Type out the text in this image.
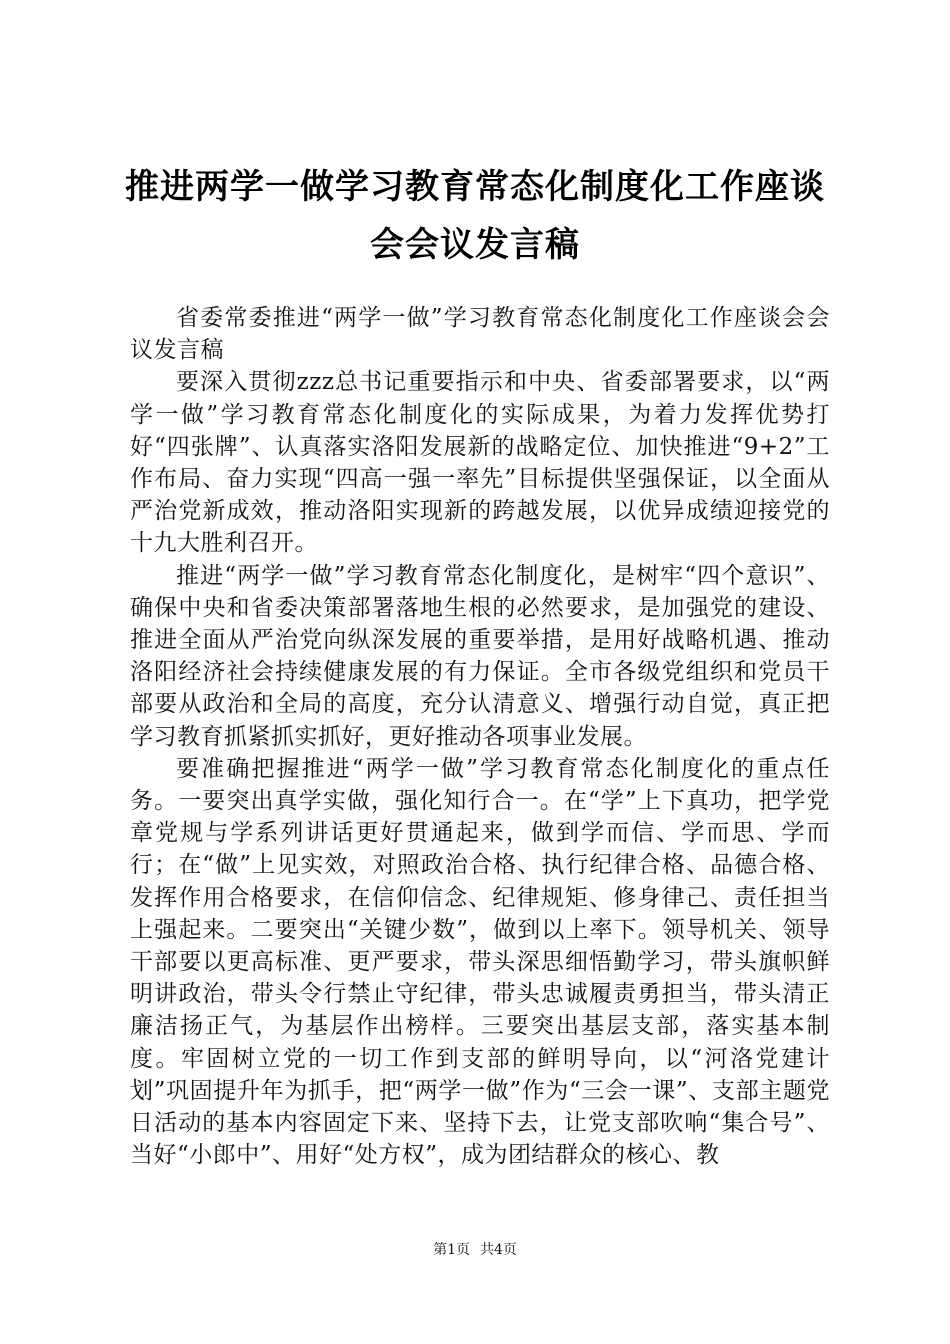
推进两学一做学习教育常态化制度化工作座谈会会议发言稿

省委常委推进“两学一做”学习教育常态化制度化工作座谈会会议发言稿

要深入贯彻zzz总书记重要指示和中央、省委部署要求，以“两学一做”学习教育常态化制度化的实际成果，为着力发挥优势打好“四张牌”、认真落实洛阳发展新的战略定位、加快推进“9+2”工作布局、奋力实现“四高一强一率先”目标提供坚强保证，以全面从严治党新成效，推动洛阳实现新的跨越发展，以优异成绩迎接党的十九大胜利召开。

推进“两学一做”学习教育常态化制度化，是树牢“四个意识”、确保中央和省委决策部署落地生根的必然要求，是加强党的建设、推进全面从严治党向纵深发展的重要举措，是用好战略机遇、推动洛阳经济社会持续健康发展的有力保证。全市各级党组织和党员干部要从政治和全局的高度，充分认清意义、增强行动自觉，真正把学习教育抓紧抓实抓好，更好推动各项事业发展。

要准确把握推进“两学一做”学习教育常态化制度化的重点任务。一要突出真学实做，强化知行合一。在“学”上下真功，把学党章党规与学系列讲话更好贯通起来，做到学而信、学而思、学而行；在“做”上见实效，对照政治合格、执行纪律合格、品德合格、发挥作用合格要求，在信仰信念、纪律规矩、修身律己、责任担当上强起来。二要突出“关键少数”，做到以上率下。领导机关、领导干部要以更高标准、更严要求，带头深思细悟勤学习，带头旗帜鲜明讲政治，带头令行禁止守纪律，带头忠诚履责勇担当，带头清正廉洁扬正气，为基层作出榜样。三要突出基层支部，落实基本制度。牢固树立党的一切工作到支部的鲜明导向，以“河洛党建计划”巩固提升年为抓手，把“两学一做”作为“三会一课”、支部主题党日活动的基本内容固定下来、坚持下去，让党支部吹响“集合号”、当好“小郎中”、用好“处方权”，成为团结群众的核心、教

第1页 共4页
